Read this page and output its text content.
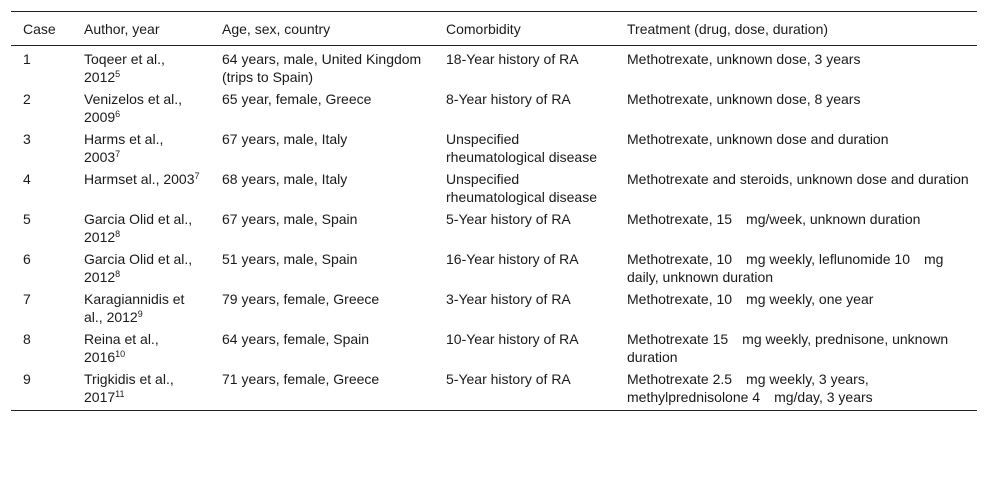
Case	Author, year	Age, sex, country	Comorbidity	Treatment (drug, dose, duration)
1	Toqeer et al., 2012$^5$	64 years, male, United Kingdom (trips to Spain)	18-Year history of RA	Methotrexate, unknown dose, 3 years
2	Venizelos et al., 2009$^6$	65 year, female, Greece	8-Year history of RA	Methotrexate, unknown dose, 8 years
3	Harms et al., 2003$^7$	67 years, male, Italy	Unspecified rheumatological disease	Methotrexate, unknown dose and duration
4	Harmset al., 2003$^7$	68 years, male, Italy	Unspecified rheumatological disease	Methotrexate and steroids, unknown dose and duration
5	Garcia Olid et al., 2012$^8$	67 years, male, Spain	5-Year history of RA	Methotrexate, 15 mg/week, unknown duration
6	Garcia Olid et al., 2012$^8$	51 years, male, Spain	16-Year history of RA	Methotrexate, 10 mg weekly, leflunomide 10 mg daily, unknown duration
7	Karagiannidis et al., 2012$^9$	79 years, female, Greece	3-Year history of RA	Methotrexate, 10 mg weekly, one year
8	Reina et al., 2016$^{10}$	64 years, female, Spain	10-Year history of RA	Methotrexate 15 mg weekly, prednisone, unknown duration
9	Trigkidis et al., 2017$^{11}$	71 years, female, Greece	5-Year history of RA	Methotrexate 2.5 mg weekly, 3 years, methylprednisolone 4 mg/day, 3 years
